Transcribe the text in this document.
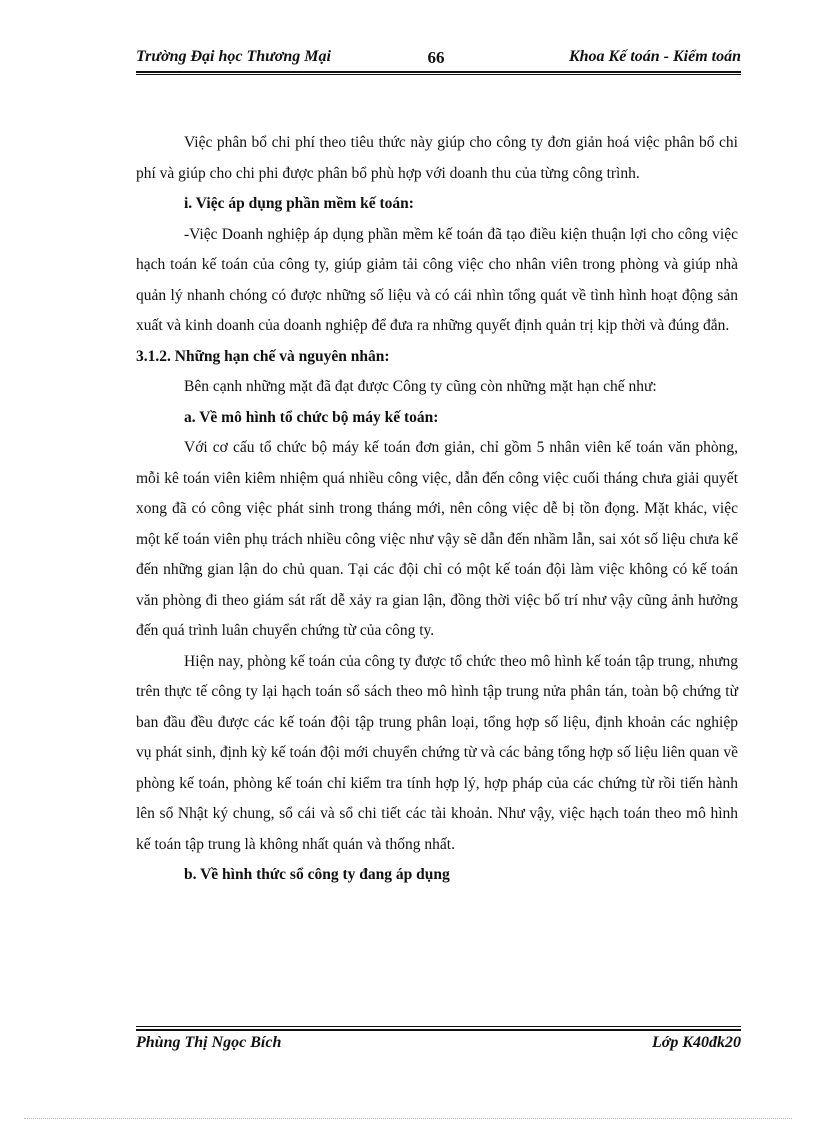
Trường Đại học Thương Mại	66	Khoa Kế toán - Kiểm toán

Việc phân bổ chi phí theo tiêu thức này giúp cho công ty đơn giản hoá việc phân bổ chi phí và giúp cho chi phi được phân bổ phù hợp với doanh thu của từng công trình.

i. Việc áp dụng phần mềm kế toán:

-Việc Doanh nghiệp áp dụng phần mềm kế toán đã tạo điều kiện thuận lợi cho công việc hạch toán kế toán của công ty, giúp giảm tải công việc cho nhân viên trong phòng và giúp nhà quản lý nhanh chóng có được những số liệu và có cái nhìn tổng quát về tình hình hoạt động sản xuất và kinh doanh của doanh nghiệp để đưa ra những quyết định quản trị kịp thời và đúng đắn.

3.1.2. Những hạn chế và nguyên nhân:

Bên cạnh những mặt đã đạt được Công ty cũng còn những mặt hạn chế như:

a. Về mô hình tổ chức bộ máy kế toán:

Với cơ cấu tổ chức bộ máy kế toán đơn giản, chỉ gồm 5 nhân viên kế toán văn phòng, mỗi kê toán viên kiêm nhiệm quá nhiều công việc, dẫn đến công việc cuối tháng chưa giải quyết xong đã có công việc phát sinh trong tháng mới, nên công việc dễ bị tồn đọng. Mặt khác, việc một kế toán viên phụ trách nhiều công việc như vậy sẽ dẫn đến nhầm lẫn, sai xót số liệu chưa kể đến những gian lận do chủ quan. Tại các đội chỉ có một kế toán đội làm việc không có kế toán văn phòng đi theo giám sát rất dễ xảy ra gian lận, đồng thời việc bố trí như vậy cũng ảnh hưởng đến quá trình luân chuyển chứng từ của công ty.

Hiện nay, phòng kế toán của công ty được tổ chức theo mô hình kế toán tập trung, nhưng trên thực tế công ty lại hạch toán sổ sách theo mô hình tập trung nửa phân tán, toàn bộ chứng từ ban đầu đều được các kế toán đội tập trung phân loại, tổng hợp số liệu, định khoản các nghiệp vụ phát sinh, định kỳ kế toán đội mới chuyển chứng từ và các bảng tổng hợp số liệu liên quan về phòng kế toán, phòng kế toán chỉ kiểm tra tính hợp lý, hợp pháp của các chứng từ rồi tiến hành lên sổ Nhật ký chung, sổ cái và sổ chi tiết các tài khoản. Như vậy, việc hạch toán theo mô hình kế toán tập trung là không nhất quán và thống nhất.

b. Về hình thức sổ công ty đang áp dụng

Phùng Thị Ngọc Bích	Lớp K40đk20
